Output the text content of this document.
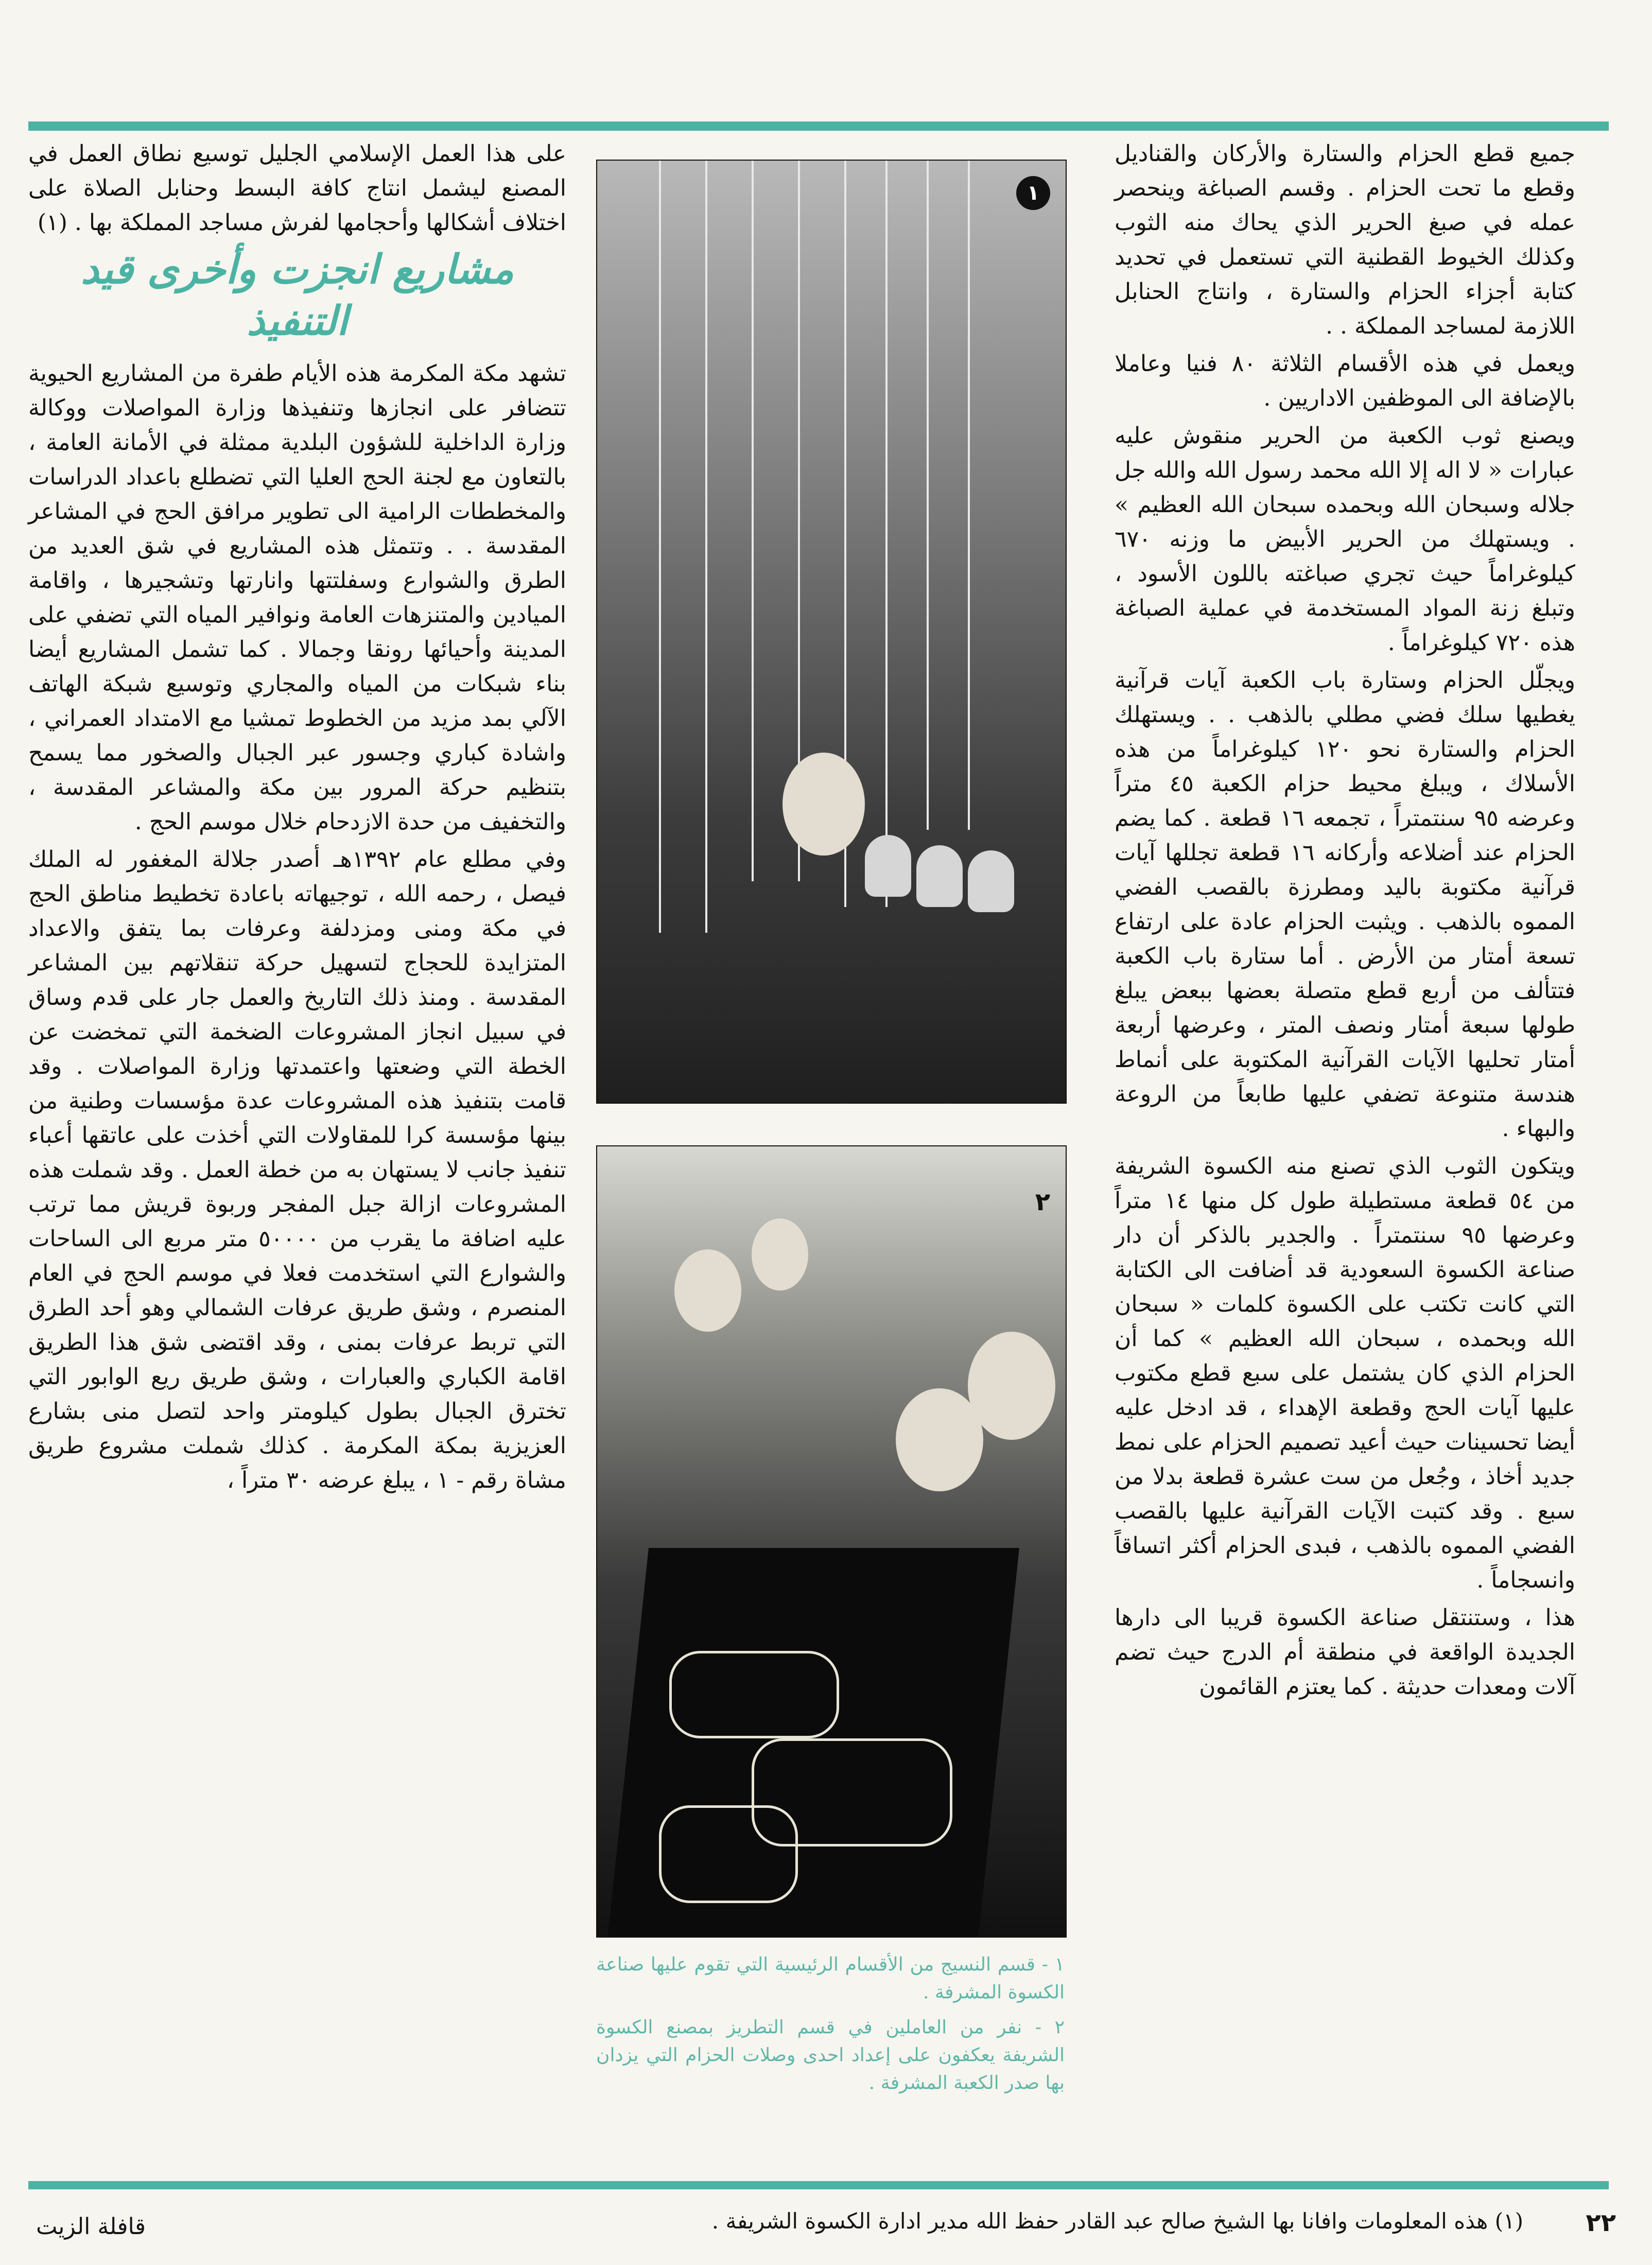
جميع قطع الحزام والستارة والأركان والقناديل وقطع ما تحت الحزام . وقسم الصباغة وينحصر عمله في صبغ الحرير الذي يحاك منه الثوب وكذلك الخيوط القطنية التي تستعمل في تحديد كتابة أجزاء الحزام والستارة ، وانتاج الحنابل اللازمة لمساجد المملكة . .

ويعمل في هذه الأقسام الثلاثة ٨٠ فنيا وعاملا بالإضافة الى الموظفين الاداريين .

ويصنع ثوب الكعبة من الحرير منقوش عليه عبارات « لا اله إلا الله محمد رسول الله والله جل جلاله وسبحان الله وبحمده سبحان الله العظيم » . ويستهلك من الحرير الأبيض ما وزنه ٦٧٠ كيلوغراماً حيث تجري صباغته باللون الأسود ، وتبلغ زنة المواد المستخدمة في عملية الصباغة هذه ٧٢٠ كيلوغراماً .

ويجلّل الحزام وستارة باب الكعبة آيات قرآنية يغطيها سلك فضي مطلي بالذهب . . ويستهلك الحزام والستارة نحو ١٢٠ كيلوغراماً من هذه الأسلاك ، ويبلغ محيط حزام الكعبة ٤٥ متراً وعرضه ٩٥ سنتمتراً ، تجمعه ١٦ قطعة . كما يضم الحزام عند أضلاعه وأركانه ١٦ قطعة تجللها آيات قرآنية مكتوبة باليد ومطرزة بالقصب الفضي المموه بالذهب . ويثبت الحزام عادة على ارتفاع تسعة أمتار من الأرض . أما ستارة باب الكعبة فتتألف من أربع قطع متصلة بعضها ببعض يبلغ طولها سبعة أمتار ونصف المتر ، وعرضها أربعة أمتار تحليها الآيات القرآنية المكتوبة على أنماط هندسة متنوعة تضفي عليها طابعاً من الروعة والبهاء .

ويتكون الثوب الذي تصنع منه الكسوة الشريفة من ٥٤ قطعة مستطيلة طول كل منها ١٤ متراً وعرضها ٩٥ سنتمتراً . والجدير بالذكر أن دار صناعة الكسوة السعودية قد أضافت الى الكتابة التي كانت تكتب على الكسوة كلمات « سبحان الله وبحمده ، سبحان الله العظيم » كما أن الحزام الذي كان يشتمل على سبع قطع مكتوب عليها آيات الحج وقطعة الإهداء ، قد ادخل عليه أيضا تحسينات حيث أعيد تصميم الحزام على نمط جديد أخاذ ، وجُعل من ست عشرة قطعة بدلا من سبع . وقد كتبت الآيات القرآنية عليها بالقصب الفضي المموه بالذهب ، فبدى الحزام أكثر اتساقاً وانسجاماً .

هذا ، وستنتقل صناعة الكسوة قريبا الى دارها الجديدة الواقعة في منطقة أم الدرج حيث تضم آلات ومعدات حديثة . كما يعتزم القائمون

١
٢

١ - قسم النسيج من الأقسام الرئيسية التي تقوم عليها صناعة الكسوة المشرفة .

٢ - نفر من العاملين في قسم التطريز بمصنع الكسوة الشريفة يعكفون على إعداد احدى وصلات الحزام التي يزدان بها صدر الكعبة المشرفة .

على هذا العمل الإسلامي الجليل توسيع نطاق العمل في المصنع ليشمل انتاج كافة البسط وحنابل الصلاة على اختلاف أشكالها وأحجامها لفرش مساجد المملكة بها . (١)

مشاريع انجزت وأخرى قيد التنفيذ

تشهد مكة المكرمة هذه الأيام طفرة من المشاريع الحيوية تتضافر على انجازها وتنفيذها وزارة المواصلات ووكالة وزارة الداخلية للشؤون البلدية ممثلة في الأمانة العامة ، بالتعاون مع لجنة الحج العليا التي تضطلع باعداد الدراسات والمخططات الرامية الى تطوير مرافق الحج في المشاعر المقدسة . . وتتمثل هذه المشاريع في شق العديد من الطرق والشوارع وسفلتتها وانارتها وتشجيرها ، واقامة الميادين والمتنزهات العامة ونوافير المياه التي تضفي على المدينة وأحيائها رونقا وجمالا . كما تشمل المشاريع أيضا بناء شبكات من المياه والمجاري وتوسيع شبكة الهاتف الآلي بمد مزيد من الخطوط تمشيا مع الامتداد العمراني ، واشادة كباري وجسور عبر الجبال والصخور مما يسمح بتنظيم حركة المرور بين مكة والمشاعر المقدسة ، والتخفيف من حدة الازدحام خلال موسم الحج .

وفي مطلع عام ١٣٩٢هـ أصدر جلالة المغفور له الملك فيصل ، رحمه الله ، توجيهاته باعادة تخطيط مناطق الحج في مكة ومنى ومزدلفة وعرفات بما يتفق والاعداد المتزايدة للحجاج لتسهيل حركة تنقلاتهم بين المشاعر المقدسة . ومنذ ذلك التاريخ والعمل جار على قدم وساق في سبيل انجاز المشروعات الضخمة التي تمخضت عن الخطة التي وضعتها واعتمدتها وزارة المواصلات . وقد قامت بتنفيذ هذه المشروعات عدة مؤسسات وطنية من بينها مؤسسة كرا للمقاولات التي أخذت على عاتقها أعباء تنفيذ جانب لا يستهان به من خطة العمل . وقد شملت هذه المشروعات ازالة جبل المفجر وربوة قريش مما ترتب عليه اضافة ما يقرب من ٥٠٠٠٠ متر مربع الى الساحات والشوارع التي استخدمت فعلا في موسم الحج في العام المنصرم ، وشق طريق عرفات الشمالي وهو أحد الطرق التي تربط عرفات بمنى ، وقد اقتضى شق هذا الطريق اقامة الكباري والعبارات ، وشق طريق ريع الوابور التي تخترق الجبال بطول كيلومتر واحد لتصل منى بشارع العزيزية بمكة المكرمة . كذلك شملت مشروع طريق مشاة رقم - ١ ، يبلغ عرضه ٣٠ متراً ،

(١) هذه المعلومات وافانا بها الشيخ صالح عبد القادر حفظ الله مدير ادارة الكسوة الشريفة .	٢٢
قافلة الزيت
